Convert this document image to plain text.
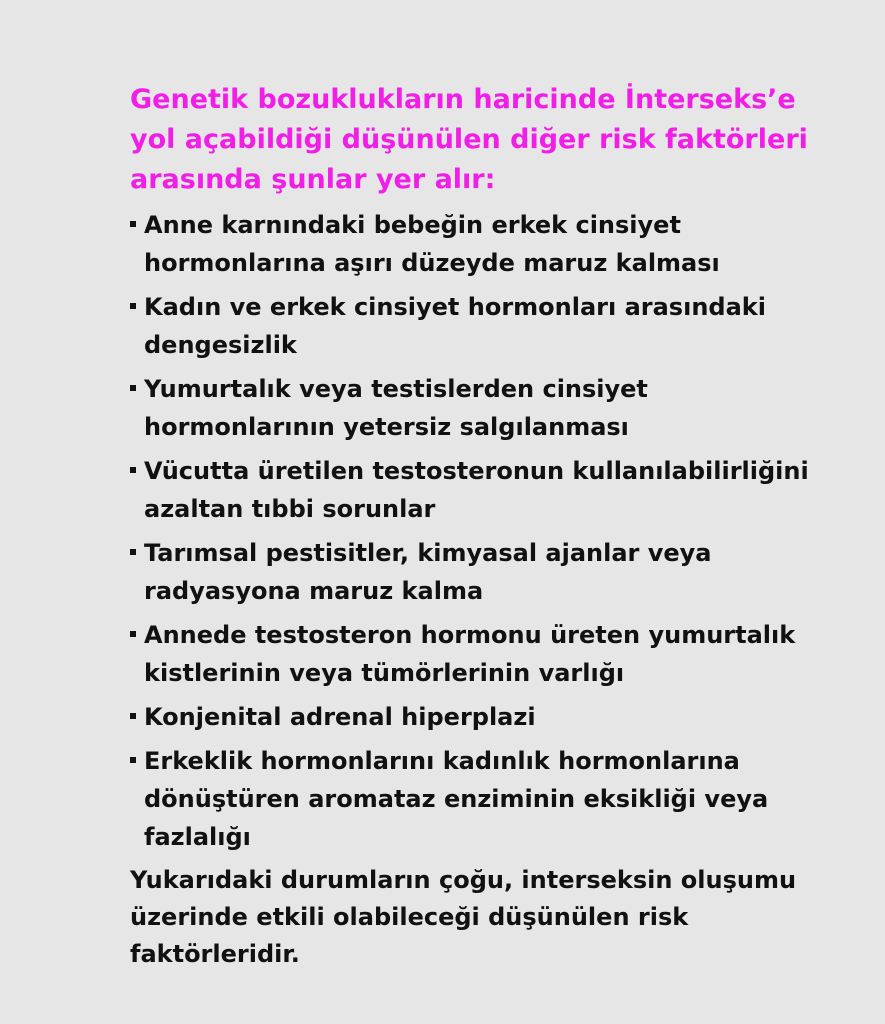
Genetik bozuklukların haricinde İnterseks’e yol açabildiği düşünülen diğer risk faktörleri arasında şunlar yer alır:

Anne karnındaki bebeğin erkek cinsiyet hormonlarına aşırı düzeyde maruz kalması
Kadın ve erkek cinsiyet hormonları arasındaki dengesizlik
Yumurtalık veya testislerden cinsiyet hormonlarının yetersiz salgılanması
Vücutta üretilen testosteronun kullanılabilirliğini azaltan tıbbi sorunlar
Tarımsal pestisitler, kimyasal ajanlar veya radyasyona maruz kalma
Annede testosteron hormonu üreten yumurtalık kistlerinin veya tümörlerinin varlığı
Konjenital adrenal hiperplazi
Erkeklik hormonlarını kadınlık hormonlarına dönüştüren aromataz enziminin eksikliği veya fazlalığı

Yukarıdaki durumların çoğu, interseksin oluşumu üzerinde etkili olabileceği düşünülen risk faktörleridir.
